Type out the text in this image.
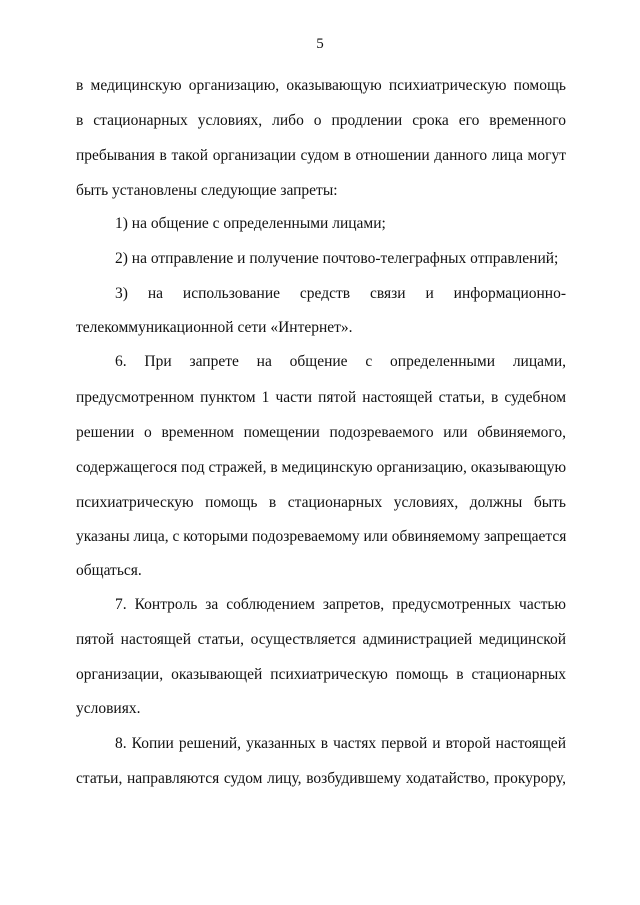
5
в медицинскую организацию, оказывающую психиатрическую помощь
в стационарных условиях, либо о продлении срока его временного
пребывания в такой организации судом в отношении данного лица могут
быть установлены следующие запреты:
1) на общение с определенными лицами;
2) на отправление и получение почтово-телеграфных отправлений;
3) на использование средств связи и информационно-
телекоммуникационной сети «Интернет».
6. При запрете на общение с определенными лицами,
предусмотренном пунктом 1 части пятой настоящей статьи, в судебном
решении о временном помещении подозреваемого или обвиняемого,
содержащегося под стражей, в медицинскую организацию, оказывающую
психиатрическую помощь в стационарных условиях, должны быть
указаны лица, с которыми подозреваемому или обвиняемому запрещается
общаться.
7. Контроль за соблюдением запретов, предусмотренных частью
пятой настоящей статьи, осуществляется администрацией медицинской
организации, оказывающей психиатрическую помощь в стационарных
условиях.
8. Копии решений, указанных в частях первой и второй настоящей
статьи, направляются судом лицу, возбудившему ходатайство, прокурору,
